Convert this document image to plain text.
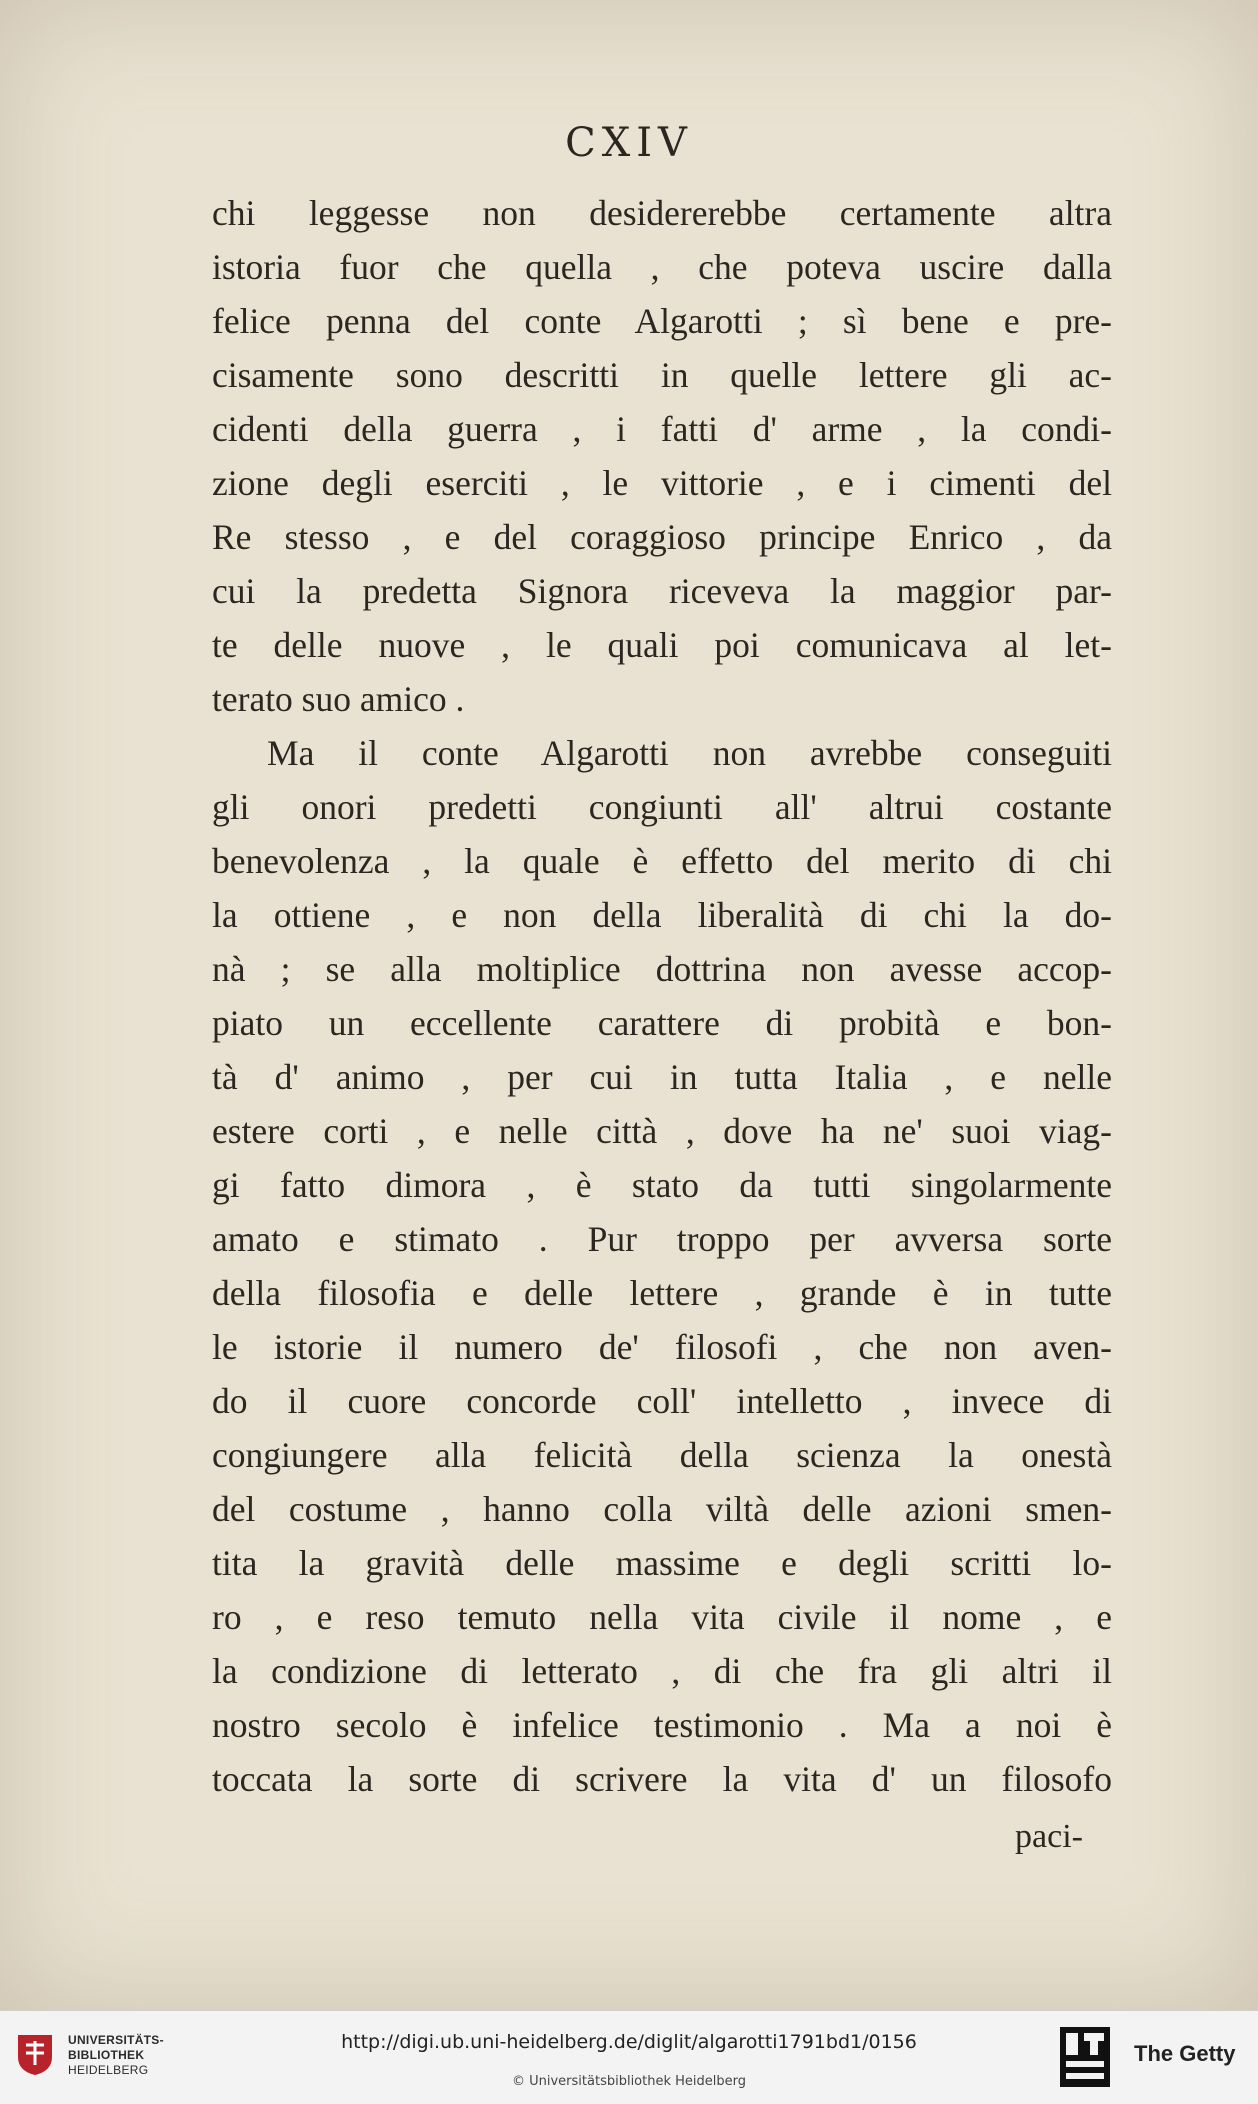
CXIV
chi leggesse non desidererebbe certamente altra
istoria fuor che quella , che poteva uscire dalla
felice penna del conte Algarotti ; sì bene e pre-
cisamente sono descritti in quelle lettere gli ac-
cidenti della guerra , i fatti d' arme , la condi-
zione degli eserciti , le vittorie , e i cimenti del
Re stesso , e del coraggioso principe Enrico , da
cui la predetta Signora riceveva la maggior par-
te delle nuove , le quali poi comunicava al let-
terato suo amico .
Ma il conte Algarotti non avrebbe conseguiti
gli onori predetti congiunti all' altrui costante
benevolenza , la quale è effetto del merito di chi
la ottiene , e non della liberalità di chi la do-
nà ; se alla moltiplice dottrina non avesse accop-
piato un eccellente carattere di probità e bon-
tà d' animo , per cui in tutta Italia , e nelle
estere corti , e nelle città , dove ha ne' suoi viag-
gi fatto dimora , è stato da tutti singolarmente
amato e stimato . Pur troppo per avversa sorte
della filosofia e delle lettere , grande è in tutte
le istorie il numero de' filosofi , che non aven-
do il cuore concorde coll' intelletto , invece di
congiungere alla felicità della scienza la onestà
del costume , hanno colla viltà delle azioni smen-
tita la gravità delle massime e degli scritti lo-
ro , e reso temuto nella vita civile il nome , e
la condizione di letterato , di che fra gli altri il
nostro secolo è infelice testimonio . Ma a noi è
toccata la sorte di scrivere la vita d' un filosofo
paci-
UNIVERSITÄTS-
BIBLIOTHEK
HEIDELBERG
http://digi.ub.uni-heidelberg.de/diglit/algarotti1791bd1/0156
© Universitätsbibliothek Heidelberg
The Getty
